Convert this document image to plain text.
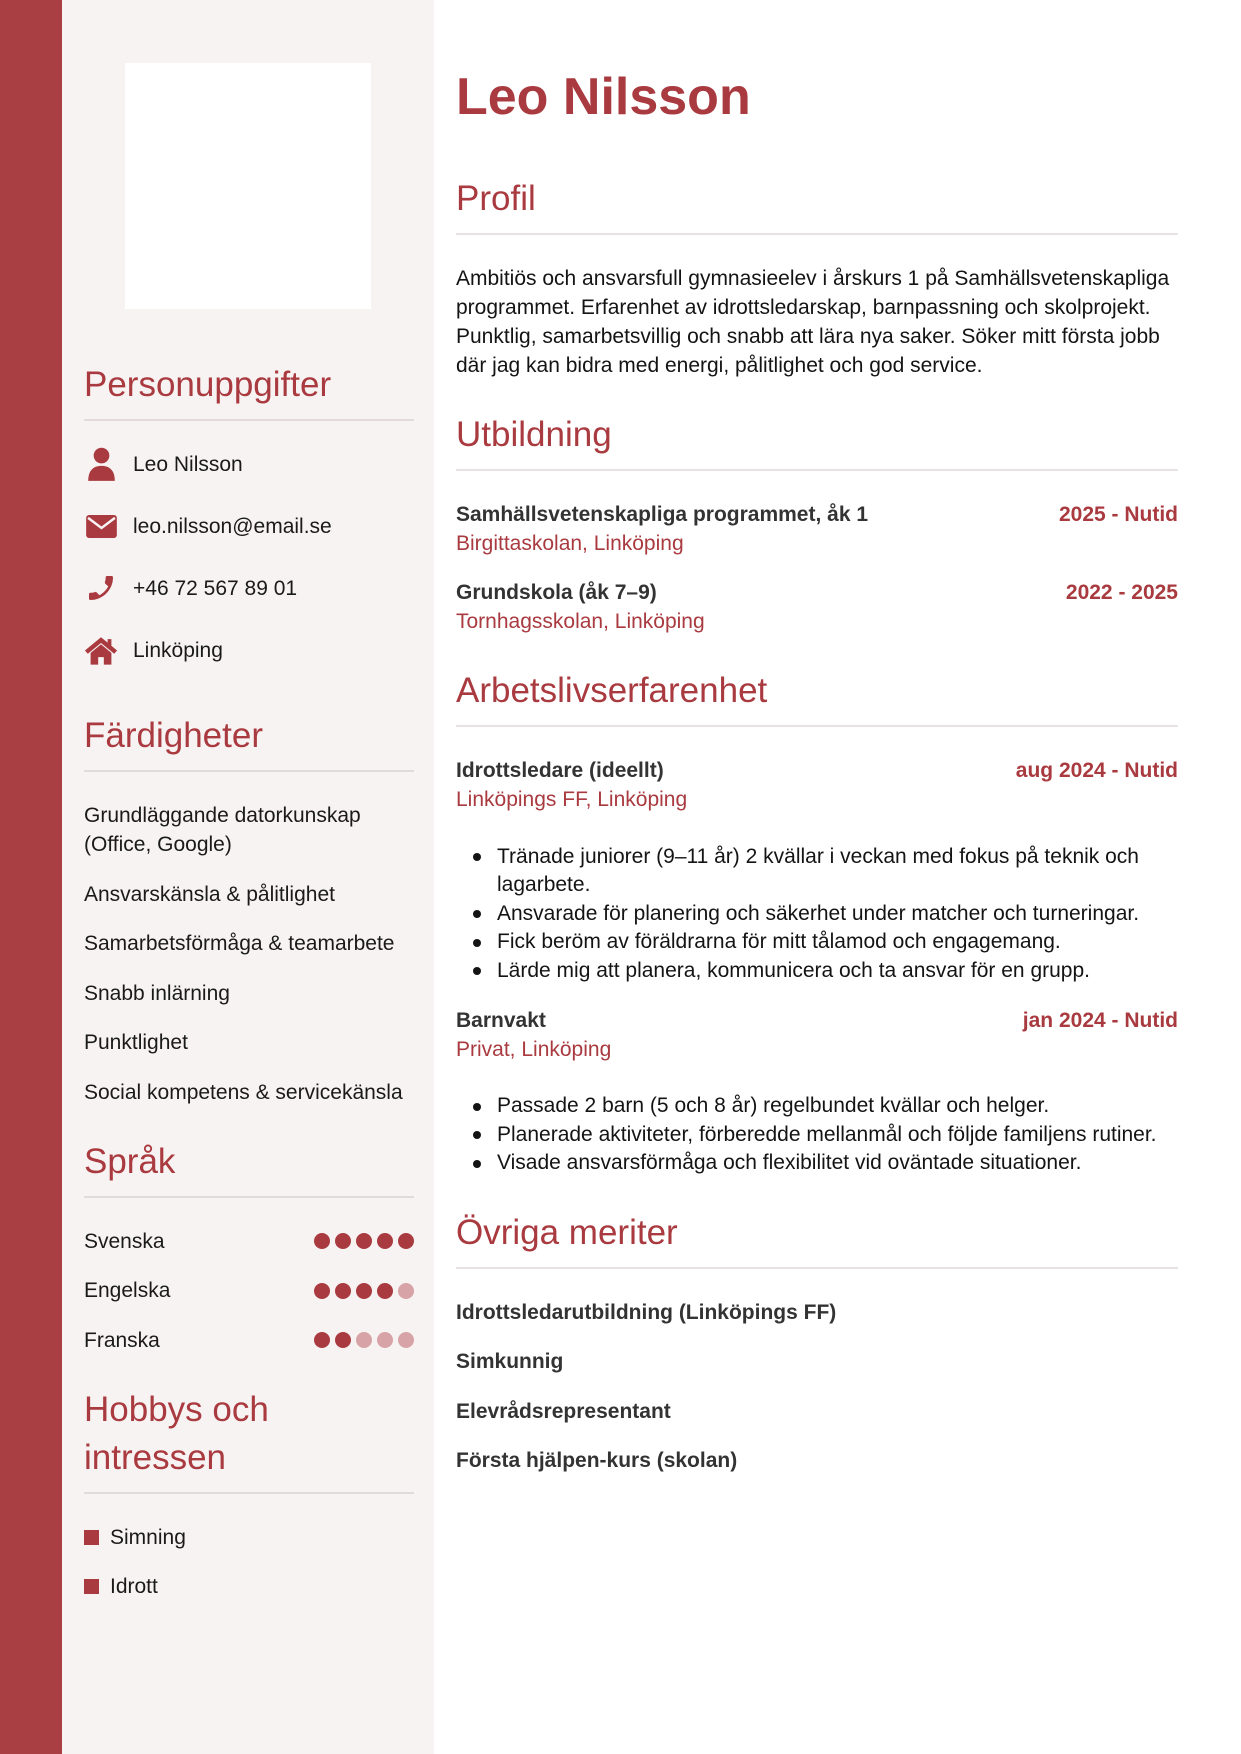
Personuppgifter
Leo Nilsson
leo.nilsson@email.se
+46 72 567 89 01
Linköping
Färdigheter
Grundläggande datorkunskap (Office, Google)
Ansvarskänsla & pålitlighet
Samarbetsförmåga & teamarbete
Snabb inlärning
Punktlighet
Social kompetens & servicekänsla
Språk
Svenska
Engelska
Franska
Hobbys och intressen
Simning
Idrott
Leo Nilsson
Profil

Ambitiös och ansvarsfull gymnasieelev i årskurs 1 på Samhällsvetenskapliga programmet. Erfarenhet av idrottsledarskap, barnpassning och skolprojekt. Punktlig, samarbetsvillig och snabb att lära nya saker. Söker mitt första jobb där jag kan bidra med energi, pålitlighet och god service.

Utbildning
Samhällsvetenskapliga programmet, åk 1	2025 - Nutid
Birgittaskolan, Linköping
Grundskola (åk 7–9)	2022 - 2025
Tornhagsskolan, Linköping
Arbetslivserfarenhet
Idrottsledare (ideellt)	aug 2024 - Nutid
Linköpings FF, Linköping
Tränade juniorer (9–11 år) 2 kvällar i veckan med fokus på teknik och lagarbete.
Ansvarade för planering och säkerhet under matcher och turneringar.
Fick beröm av föräldrarna för mitt tålamod och engagemang.
Lärde mig att planera, kommunicera och ta ansvar för en grupp.
Barnvakt	jan 2024 - Nutid
Privat, Linköping
Passade 2 barn (5 och 8 år) regelbundet kvällar och helger.
Planerade aktiviteter, förberedde mellanmål och följde familjens rutiner.
Visade ansvarsförmåga och flexibilitet vid oväntade situationer.
Övriga meriter
Idrottsledarutbildning (Linköpings FF)
Simkunnig
Elevrådsrepresentant
Första hjälpen-kurs (skolan)
